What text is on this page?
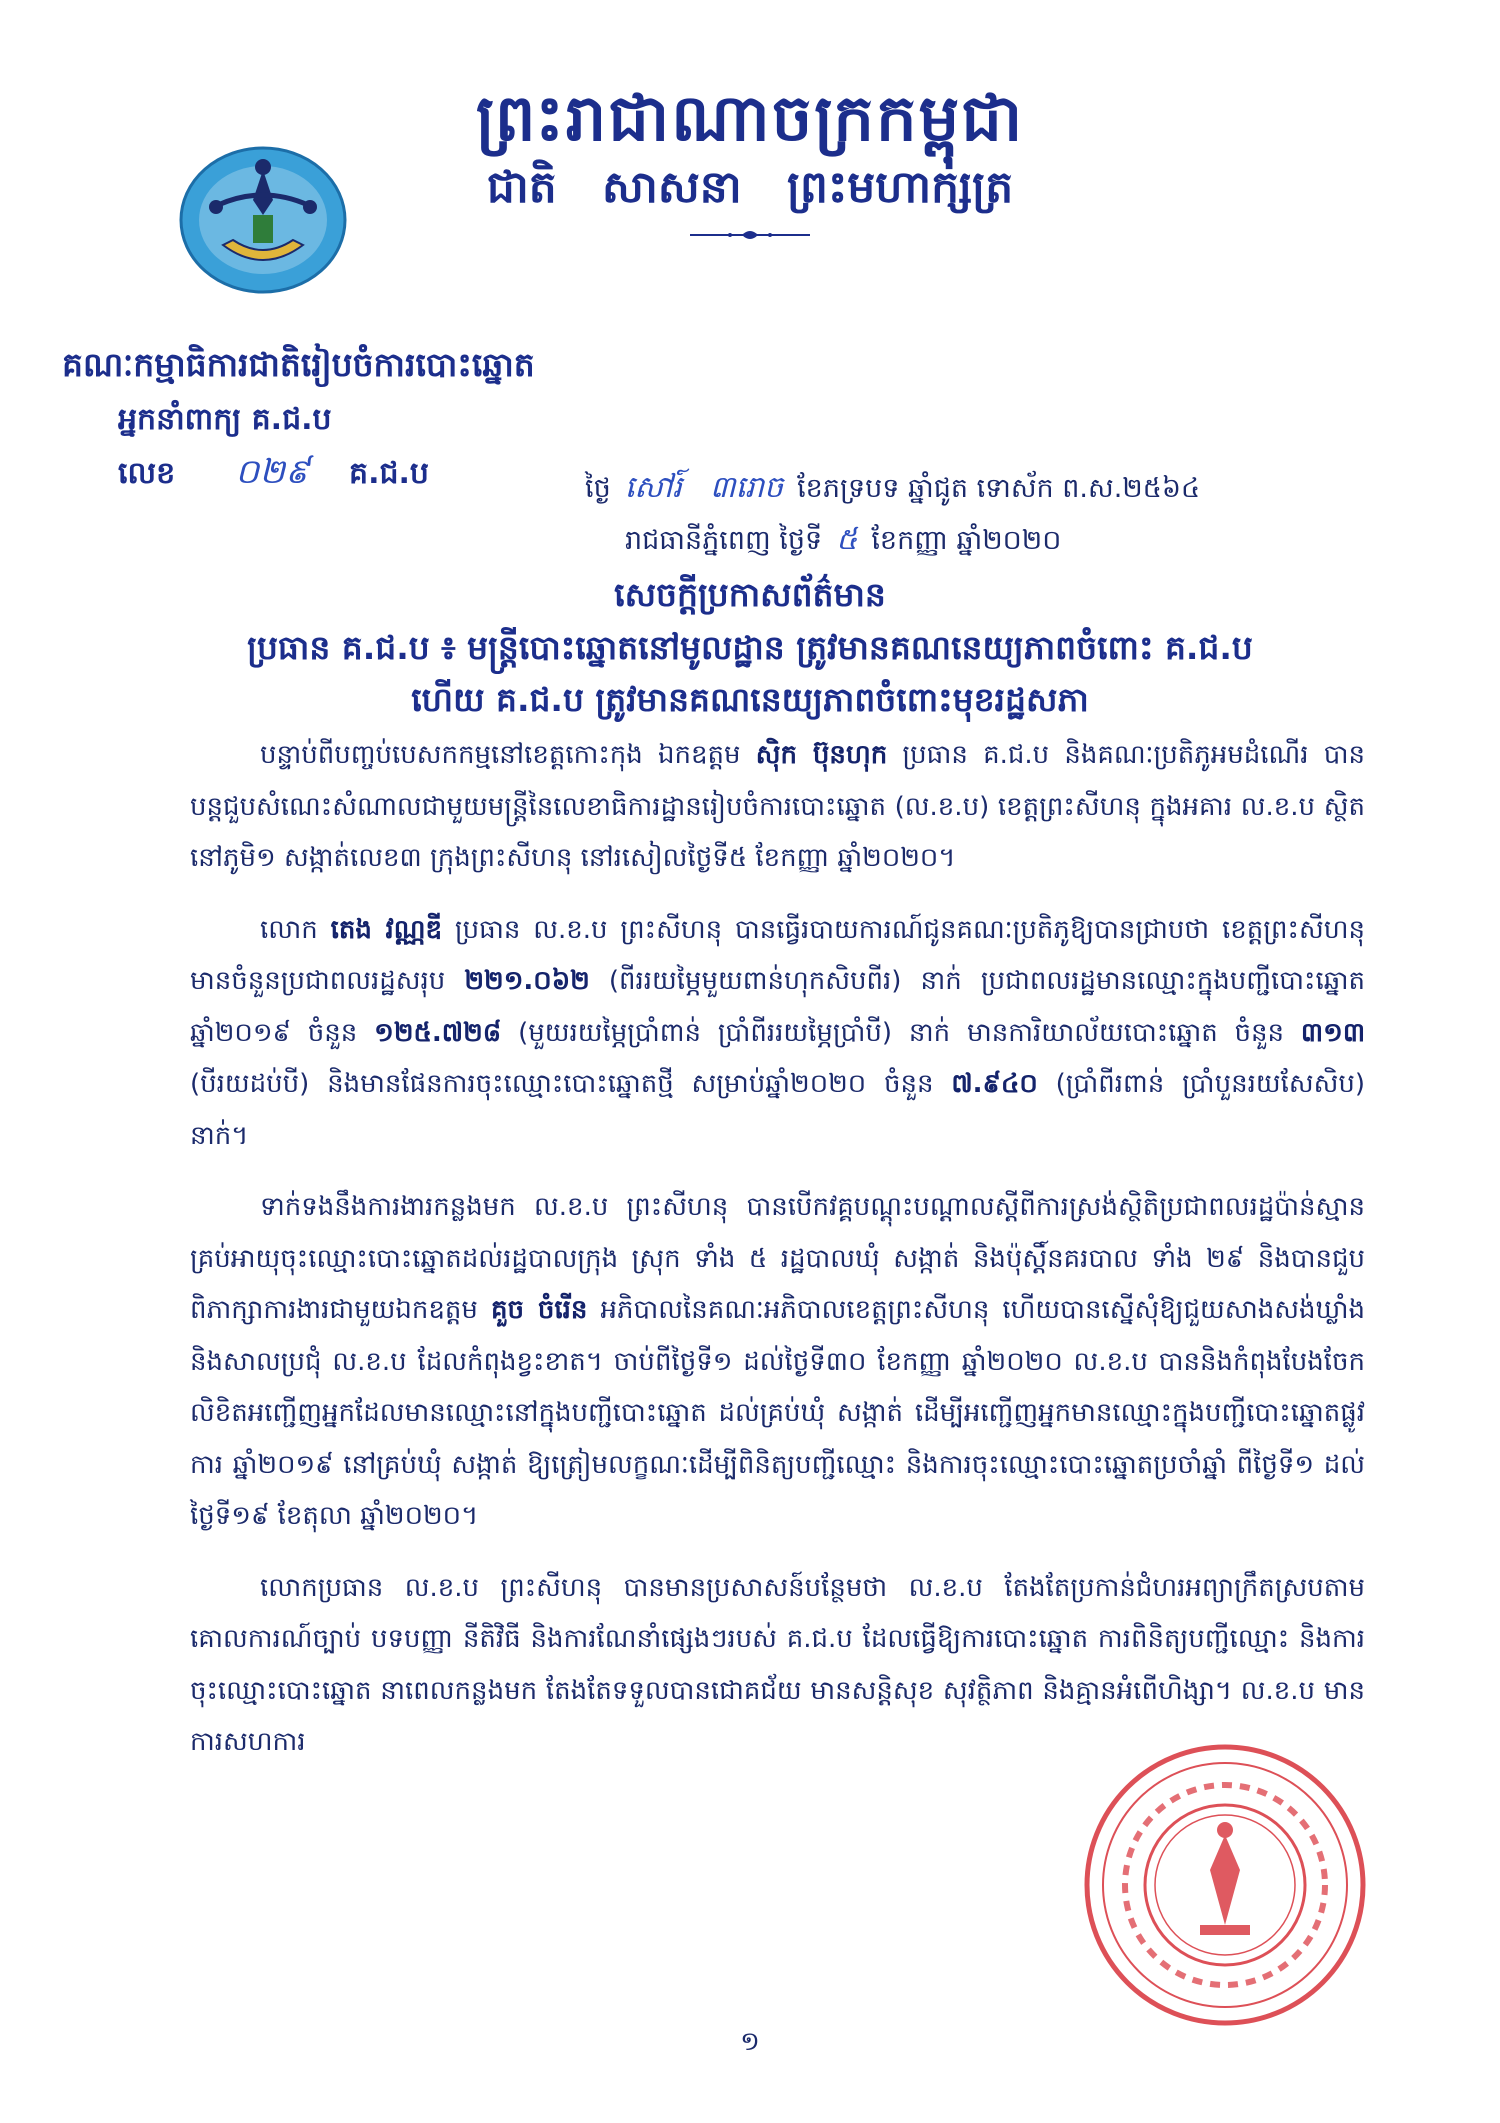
ព្រះរាជាណាចក្រកម្ពុជា
ជាតិ សាសនា ព្រះមហាក្សត្រ
គណៈកម្មាធិការជាតិរៀបចំការបោះឆ្នោត
អ្នកនាំពាក្យ គ.ជ.ប
លេខ ០២៩ គ.ជ.ប	ថ្ងៃ សៅរ៍ ៣រោច ខែភទ្របទ ឆ្នាំជូត ទោស័ក ព.ស.២៥៦៤
រាជធានីភ្នំពេញ ថ្ងៃទី ៥ ខែកញ្ញា ឆ្នាំ២០២០
សេចក្តីប្រកាសព័ត៌មាន
ប្រធាន គ.ជ.ប ៖ មន្ត្រីបោះឆ្នោតនៅមូលដ្ឋាន ត្រូវមានគណនេយ្យភាពចំពោះ គ.ជ.ប
ហើយ គ.ជ.ប ត្រូវមានគណនេយ្យភាពចំពោះមុខរដ្ឋសភា

បន្ទាប់ពីបញ្ចប់បេសកកម្មនៅខេត្តកោះកុង ឯកឧត្តម ស៊ិក ប៊ុនហុក ប្រធាន គ.ជ.ប និងគណៈប្រតិភូអមដំណើរ បានបន្តជួបសំណេះសំណាលជាមួយមន្ត្រីនៃលេខាធិការដ្ឋានរៀបចំការបោះឆ្នោត (ល.ខ.ប) ខេត្តព្រះសីហនុ ក្នុងអគារ ល.ខ.ប ស្ថិតនៅភូមិ១ សង្កាត់លេខ៣ ក្រុងព្រះសីហនុ នៅរសៀលថ្ងៃទី៥ ខែកញ្ញា ឆ្នាំ២០២០។

លោក តេង វណ្ណឌី ប្រធាន ល.ខ.ប ព្រះសីហនុ បានធ្វើរបាយការណ៍ជូនគណៈប្រតិភូឱ្យបានជ្រាបថា ខេត្តព្រះសីហនុ មានចំនួនប្រជាពលរដ្ឋសរុប ២២១.០៦២ (ពីររយម្ភៃមួយពាន់ហុកសិបពីរ) នាក់ ប្រជាពលរដ្ឋមានឈ្មោះក្នុងបញ្ជីបោះឆ្នោត ឆ្នាំ២០១៩ ចំនួន ១២៥.៧២៨ (មួយរយម្ភៃប្រាំពាន់ ប្រាំពីររយម្ភៃប្រាំបី) នាក់ មានការិយាល័យបោះឆ្នោត ចំនួន ៣១៣ (បីរយដប់បី) និងមានផែនការចុះឈ្មោះបោះឆ្នោតថ្មី សម្រាប់ឆ្នាំ២០២០ ចំនួន ៧.៩៤០ (ប្រាំពីរពាន់ ប្រាំបួនរយសែសិប) នាក់។

ទាក់ទងនឹងការងារកន្លងមក ល.ខ.ប ព្រះសីហនុ បានបើកវគ្គបណ្តុះបណ្តាលស្តីពីការស្រង់ស្ថិតិប្រជាពលរដ្ឋប៉ាន់ស្មានគ្រប់អាយុចុះឈ្មោះបោះឆ្នោតដល់រដ្ឋបាលក្រុង ស្រុក ទាំង ៥ រដ្ឋបាលឃុំ សង្កាត់ និងប៉ុស្តិ៍នគរបាល ទាំង ២៩ និងបានជួបពិភាក្សាការងារជាមួយឯកឧត្តម គួច ចំរើន អភិបាលនៃគណៈអភិបាលខេត្តព្រះសីហនុ ហើយបានស្នើសុំឱ្យជួយសាងសង់ឃ្លាំង និងសាលប្រជុំ ល.ខ.ប ដែលកំពុងខ្វះខាត។ ចាប់ពីថ្ងៃទី១ ដល់ថ្ងៃទី៣០ ខែកញ្ញា ឆ្នាំ២០២០ ល.ខ.ប បាននិងកំពុងបែងចែកលិខិតអញ្ជើញអ្នកដែលមានឈ្មោះនៅក្នុងបញ្ជីបោះឆ្នោត ដល់គ្រប់ឃុំ សង្កាត់ ដើម្បីអញ្ជើញអ្នកមានឈ្មោះក្នុងបញ្ជីបោះឆ្នោតផ្លូវការ ឆ្នាំ២០១៩ នៅគ្រប់ឃុំ សង្កាត់ ឱ្យត្រៀមលក្ខណៈដើម្បីពិនិត្យបញ្ជីឈ្មោះ និងការចុះឈ្មោះបោះឆ្នោតប្រចាំឆ្នាំ ពីថ្ងៃទី១ ដល់ថ្ងៃទី១៩ ខែតុលា ឆ្នាំ២០២០។

លោកប្រធាន ល.ខ.ប ព្រះសីហនុ បានមានប្រសាសន៍បន្ថែមថា ល.ខ.ប តែងតែប្រកាន់ជំហរអព្យាក្រឹតស្របតាមគោលការណ៍ច្បាប់ បទបញ្ញា នីតិវិធី និងការណែនាំផ្សេងៗរបស់ គ.ជ.ប ដែលធ្វើឱ្យការបោះឆ្នោត ការពិនិត្យបញ្ជីឈ្មោះ និងការចុះឈ្មោះបោះឆ្នោត នាពេលកន្លងមក តែងតែទទួលបានជោគជ័យ មានសន្តិសុខ សុវត្ថិភាព និងគ្មានអំពើហិង្សា។ ល.ខ.ប មានការសហការ

១
